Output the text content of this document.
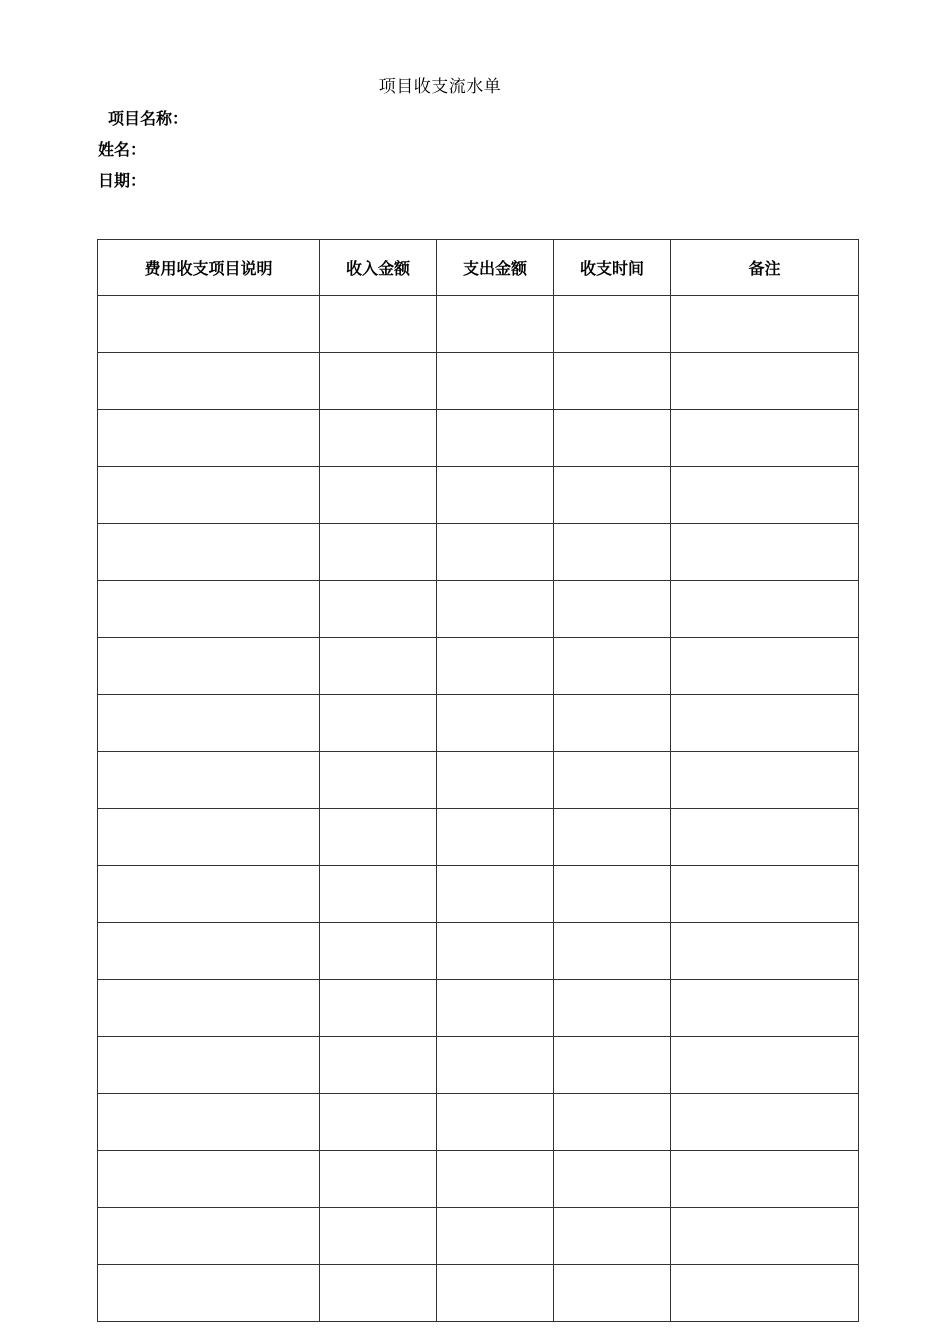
项目收支流水单
项目名称：
姓名：
日期：
费用收支项目说明	收入金额	支出金额	收支时间	备注
